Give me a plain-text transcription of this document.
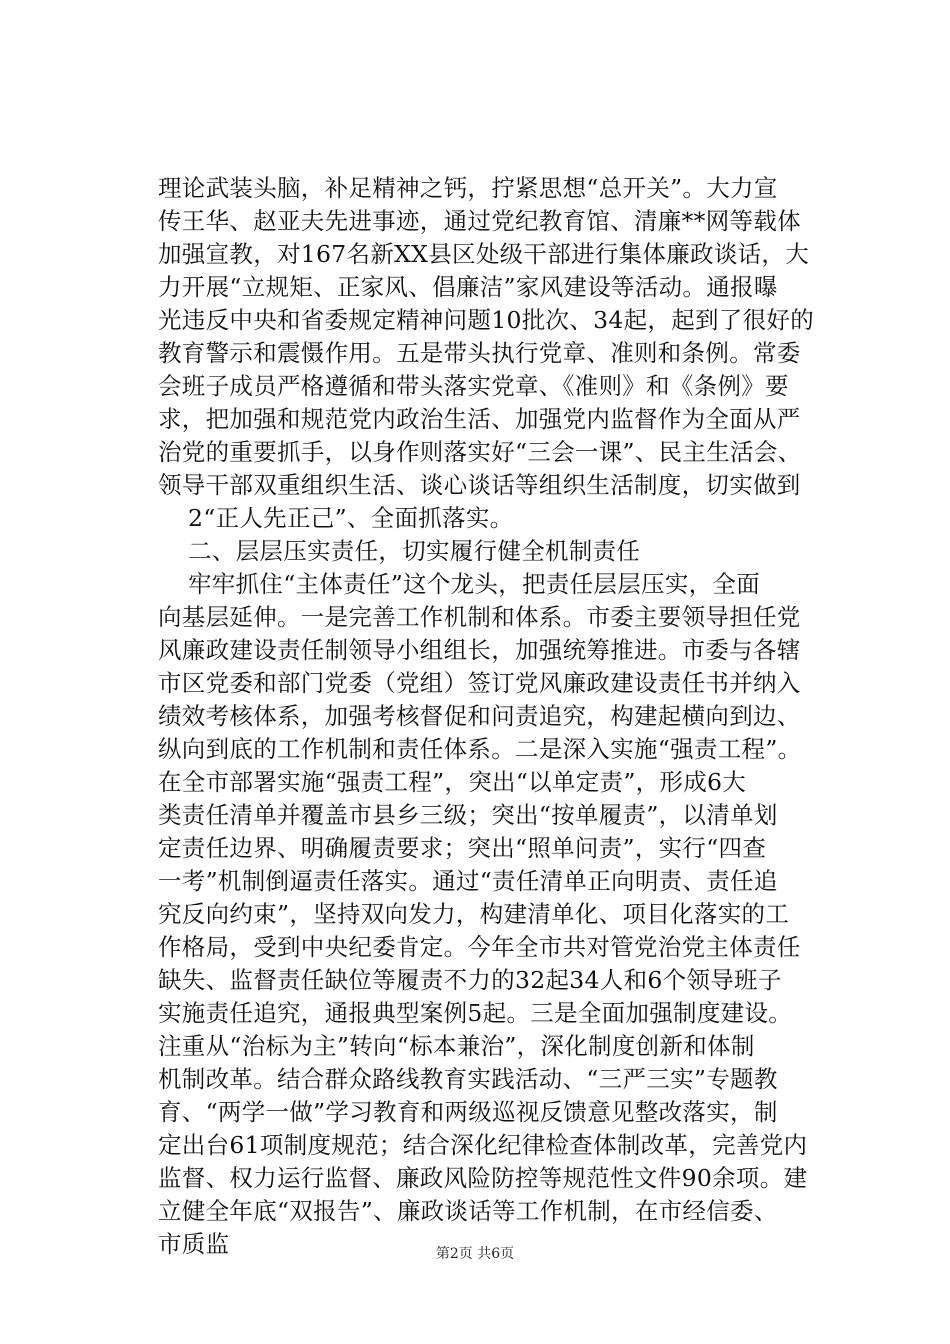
理论武装头脑，补足精神之钙，拧紧思想“总开关”。大力宣
传王华、赵亚夫先进事迹，通过党纪教育馆、清廉**网等载体
加强宣教，对167名新XX县区处级干部进行集体廉政谈话，大
力开展“立规矩、正家风、倡廉洁”家风建设等活动。通报曝
光违反中央和省委规定精神问题10批次、34起，起到了很好的
教育警示和震慑作用。五是带头执行党章、准则和条例。常委
会班子成员严格遵循和带头落实党章、《准则》和《条例》要
求，把加强和规范党内政治生活、加强党内监督作为全面从严
治党的重要抓手，以身作则落实好“三会一课”、民主生活会、
领导干部双重组织生活、谈心谈话等组织生活制度，切实做到
2“正人先正己”、全面抓落实。
二、层层压实责任，切实履行健全机制责任
牢牢抓住“主体责任”这个龙头，把责任层层压实，全面
向基层延伸。一是完善工作机制和体系。市委主要领导担任党
风廉政建设责任制领导小组组长，加强统筹推进。市委与各辖
市区党委和部门党委（党组）签订党风廉政建设责任书并纳入
绩效考核体系，加强考核督促和问责追究，构建起横向到边、
纵向到底的工作机制和责任体系。二是深入实施“强责工程”。
在全市部署实施“强责工程”，突出“以单定责”，形成6大
类责任清单并覆盖市县乡三级；突出“按单履责”，以清单划
定责任边界、明确履责要求；突出“照单问责”，实行“四查
一考”机制倒逼责任落实。通过“责任清单正向明责、责任追
究反向约束”，坚持双向发力，构建清单化、项目化落实的工
作格局，受到中央纪委肯定。今年全市共对管党治党主体责任
缺失、监督责任缺位等履责不力的32起34人和6个领导班子
实施责任追究，通报典型案例5起。三是全面加强制度建设。
注重从“治标为主”转向“标本兼治”，深化制度创新和体制
机制改革。结合群众路线教育实践活动、“三严三实”专题教
育、“两学一做”学习教育和两级巡视反馈意见整改落实，制
定出台61项制度规范；结合深化纪律检查体制改革，完善党内
监督、权力运行监督、廉政风险防控等规范性文件90余项。建
立健全年底“双报告”、廉政谈话等工作机制，在市经信委、
市质监	第2页 共6页
